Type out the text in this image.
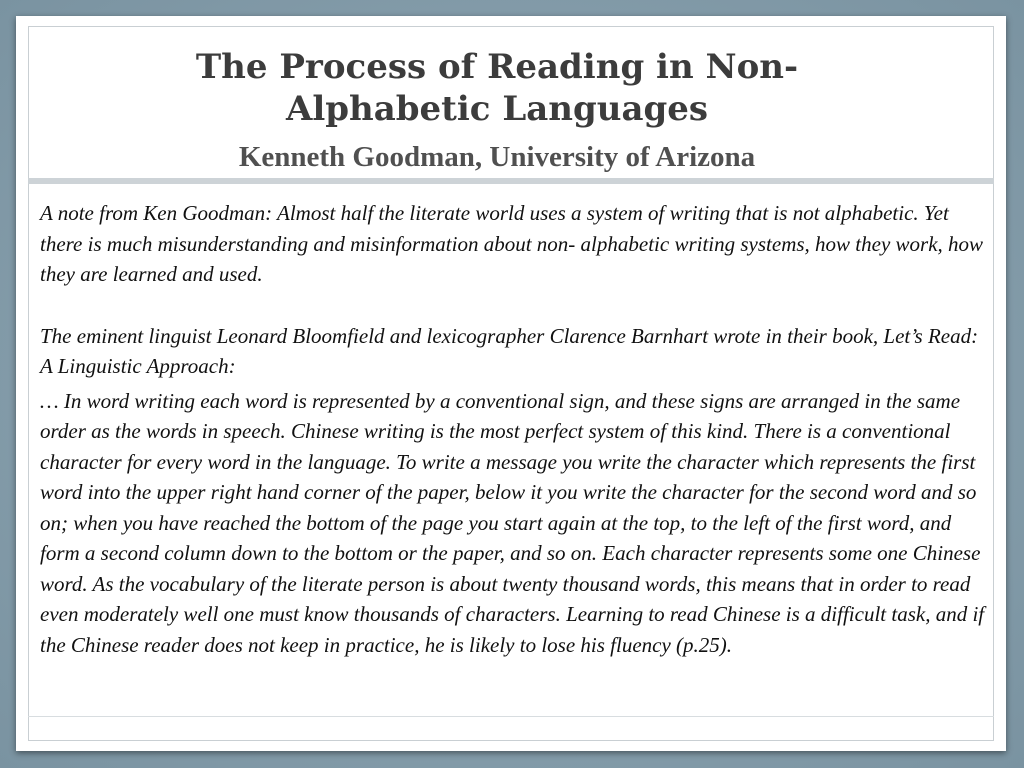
The Process of Reading in Non-Alphabetic Languages
Kenneth Goodman, University of Arizona

A note from Ken Goodman: Almost half the literate world uses a system of writing that is not alphabetic. Yet there is much misunderstanding and misinformation about non- alphabetic writing systems, how they work, how they are learned and used.

The eminent linguist Leonard Bloomfield and lexicographer Clarence Barnhart wrote in their book, Let’s Read: A Linguistic Approach:

… In word writing each word is represented by a conventional sign, and these signs are arranged in the same order as the words in speech. Chinese writing is the most perfect system of this kind. There is a conventional character for every word in the language. To write a message you write the character which represents the first word into the upper right hand corner of the paper, below it you write the character for the second word and so on; when you have reached the bottom of the page you start again at the top, to the left of the first word, and form a second column down to the bottom or the paper, and so on. Each character represents some one Chinese word. As the vocabulary of the literate person is about twenty thousand words, this means that in order to read even moderately well one must know thousands of characters. Learning to read Chinese is a difficult task, and if the Chinese reader does not keep in practice, he is likely to lose his fluency (p.25).
